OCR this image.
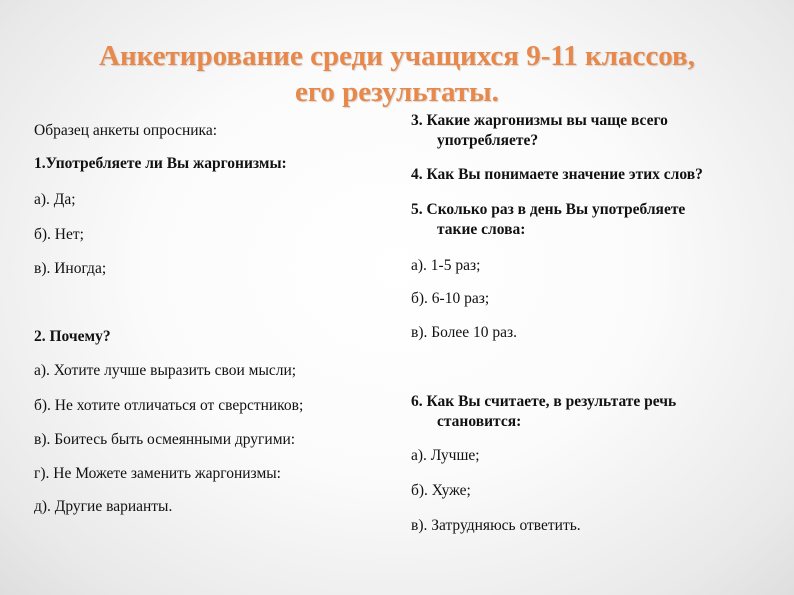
Анкетирование среди учащихся 9-11 классов,
его результаты.
Образец анкеты опросника:
1.Употребляете ли Вы жаргонизмы:
а). Да;
б). Нет;
в). Иногда;
2. Почему?
а). Хотите лучше выразить свои мысли;
б). Не хотите отличаться от сверстников;
в). Боитесь быть осмеянными другими:
г). Не Можете заменить жаргонизмы:
д). Другие варианты.
3. Какие жаргонизмы вы чаще всего
употребляете?
4. Как Вы понимаете значение этих слов?
5. Сколько раз в день Вы употребляете
такие слова:
а). 1-5 раз;
б). 6-10 раз;
в). Более 10 раз.
6. Как Вы считаете, в результате речь
становится:
а). Лучше;
б). Хуже;
в). Затрудняюсь ответить.
